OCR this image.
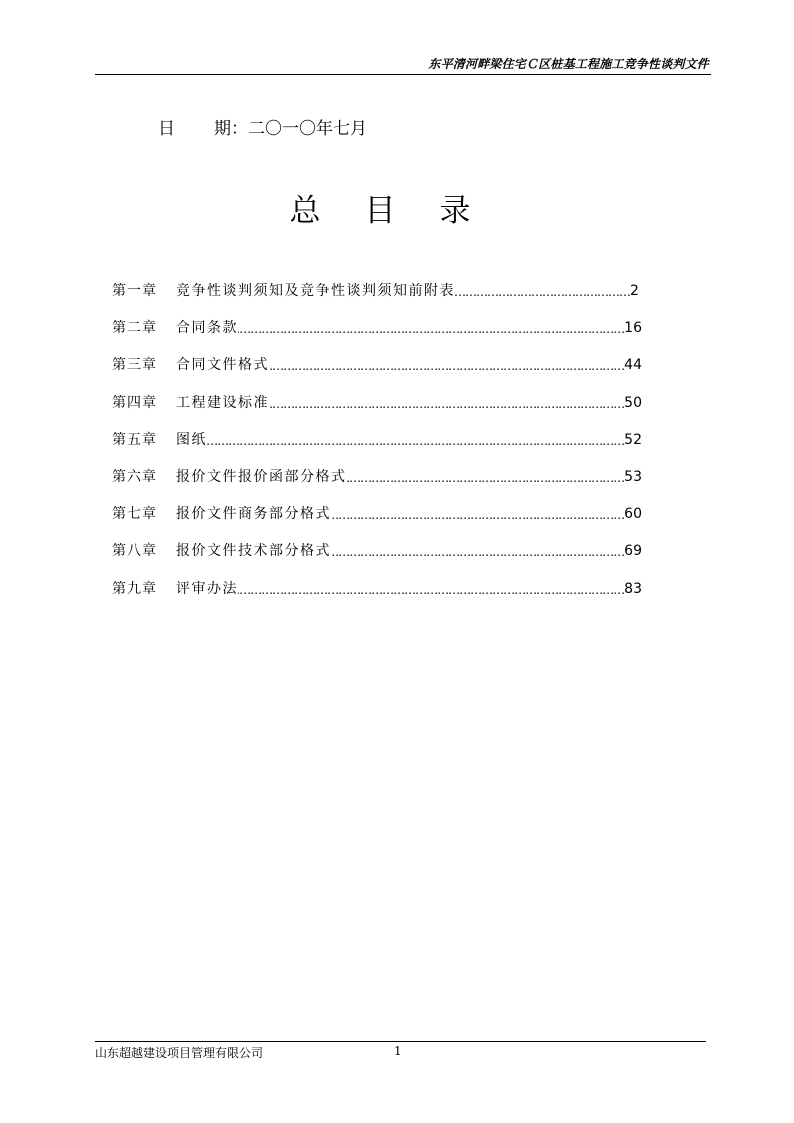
东平清河畔梁住宅Ｃ区桩基工程施工竞争性谈判文件
日 期：二〇一〇年七月
总目录
第一章	竞争性谈判须知及竞争性谈判须知前附表 ………………………………………………………………………………………………………………………………	2
第二章	合同条款 ………………………………………………………………………………………………………………………………	16
第三章	合同文件格式 ………………………………………………………………………………………………………………………………	44
第四章	工程建设标准 ………………………………………………………………………………………………………………………………	50
第五章	图纸 ………………………………………………………………………………………………………………………………	52
第六章	报价文件报价函部分格式 ………………………………………………………………………………………………………………………………	53
第七章	报价文件商务部分格式 ………………………………………………………………………………………………………………………………	60
第八章	报价文件技术部分格式 ………………………………………………………………………………………………………………………………	69
第九章	评审办法 ………………………………………………………………………………………………………………………………	83
山东超越建设项目管理有限公司	1
